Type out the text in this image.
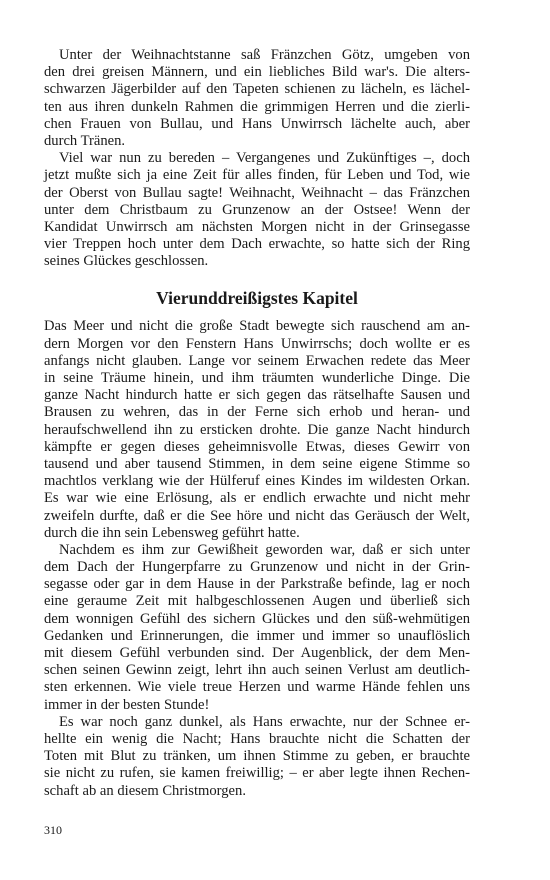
Unter der Weihnachtstanne saß Fränzchen Götz, umgeben von
den drei greisen Männern, und ein liebliches Bild war's. Die alters-
schwarzen Jägerbilder auf den Tapeten schienen zu lächeln, es lächel-
ten aus ihren dunkeln Rahmen die grimmigen Herren und die zierli-
chen Frauen von Bullau, und Hans Unwirrsch lächelte auch, aber
durch Tränen.
Viel war nun zu bereden – Vergangenes und Zukünftiges –, doch
jetzt mußte sich ja eine Zeit für alles finden, für Leben und Tod, wie
der Oberst von Bullau sagte! Weihnacht, Weihnacht – das Fränzchen
unter dem Christbaum zu Grunzenow an der Ostsee! Wenn der
Kandidat Unwirrsch am nächsten Morgen nicht in der Grinsegasse
vier Treppen hoch unter dem Dach erwachte, so hatte sich der Ring
seines Glückes geschlossen.
Vierunddreißigstes Kapitel
Das Meer und nicht die große Stadt bewegte sich rauschend am an-
dern Morgen vor den Fenstern Hans Unwirrschs; doch wollte er es
anfangs nicht glauben. Lange vor seinem Erwachen redete das Meer
in seine Träume hinein, und ihm träumten wunderliche Dinge. Die
ganze Nacht hindurch hatte er sich gegen das rätselhafte Sausen und
Brausen zu wehren, das in der Ferne sich erhob und heran- und
heraufschwellend ihn zu ersticken drohte. Die ganze Nacht hindurch
kämpfte er gegen dieses geheimnisvolle Etwas, dieses Gewirr von
tausend und aber tausend Stimmen, in dem seine eigene Stimme so
machtlos verklang wie der Hülferuf eines Kindes im wildesten Orkan.
Es war wie eine Erlösung, als er endlich erwachte und nicht mehr
zweifeln durfte, daß er die See höre und nicht das Geräusch der Welt,
durch die ihn sein Lebensweg geführt hatte.
Nachdem es ihm zur Gewißheit geworden war, daß er sich unter
dem Dach der Hungerpfarre zu Grunzenow und nicht in der Grin-
segasse oder gar in dem Hause in der Parkstraße befinde, lag er noch
eine geraume Zeit mit halbgeschlossenen Augen und überließ sich
dem wonnigen Gefühl des sichern Glückes und den süß-wehmütigen
Gedanken und Erinnerungen, die immer und immer so unauflöslich
mit diesem Gefühl verbunden sind. Der Augenblick, der dem Men-
schen seinen Gewinn zeigt, lehrt ihn auch seinen Verlust am deutlich-
sten erkennen. Wie viele treue Herzen und warme Hände fehlen uns
immer in der besten Stunde!
Es war noch ganz dunkel, als Hans erwachte, nur der Schnee er-
hellte ein wenig die Nacht; Hans brauchte nicht die Schatten der
Toten mit Blut zu tränken, um ihnen Stimme zu geben, er brauchte
sie nicht zu rufen, sie kamen freiwillig; – er aber legte ihnen Rechen-
schaft ab an diesem Christmorgen.
310
